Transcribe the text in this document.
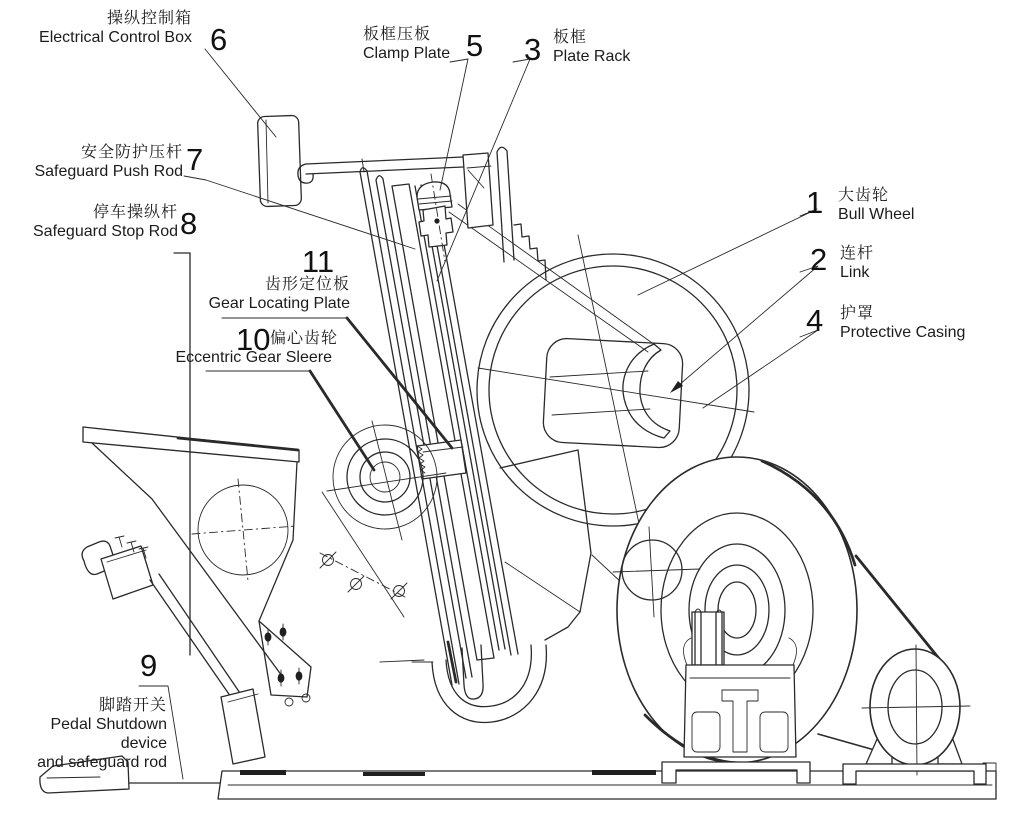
1 大齿轮
Bull Wheel
2 连杆
Link
3 板框
Plate Rack
4 护罩
Protective Casing
5
板框压板
Clamp Plate
6
操纵控制箱
Electrical Control Box
7
安全防护压杆
Safeguard Push Rod
8
停车操纵杆
Safeguard Stop Rod
9
脚踏开关
Pedal Shutdown device
and safeguard rod
10 偏心齿轮
Eccentric Gear Sleere
11
齿形定位板
Gear Locating Plate
